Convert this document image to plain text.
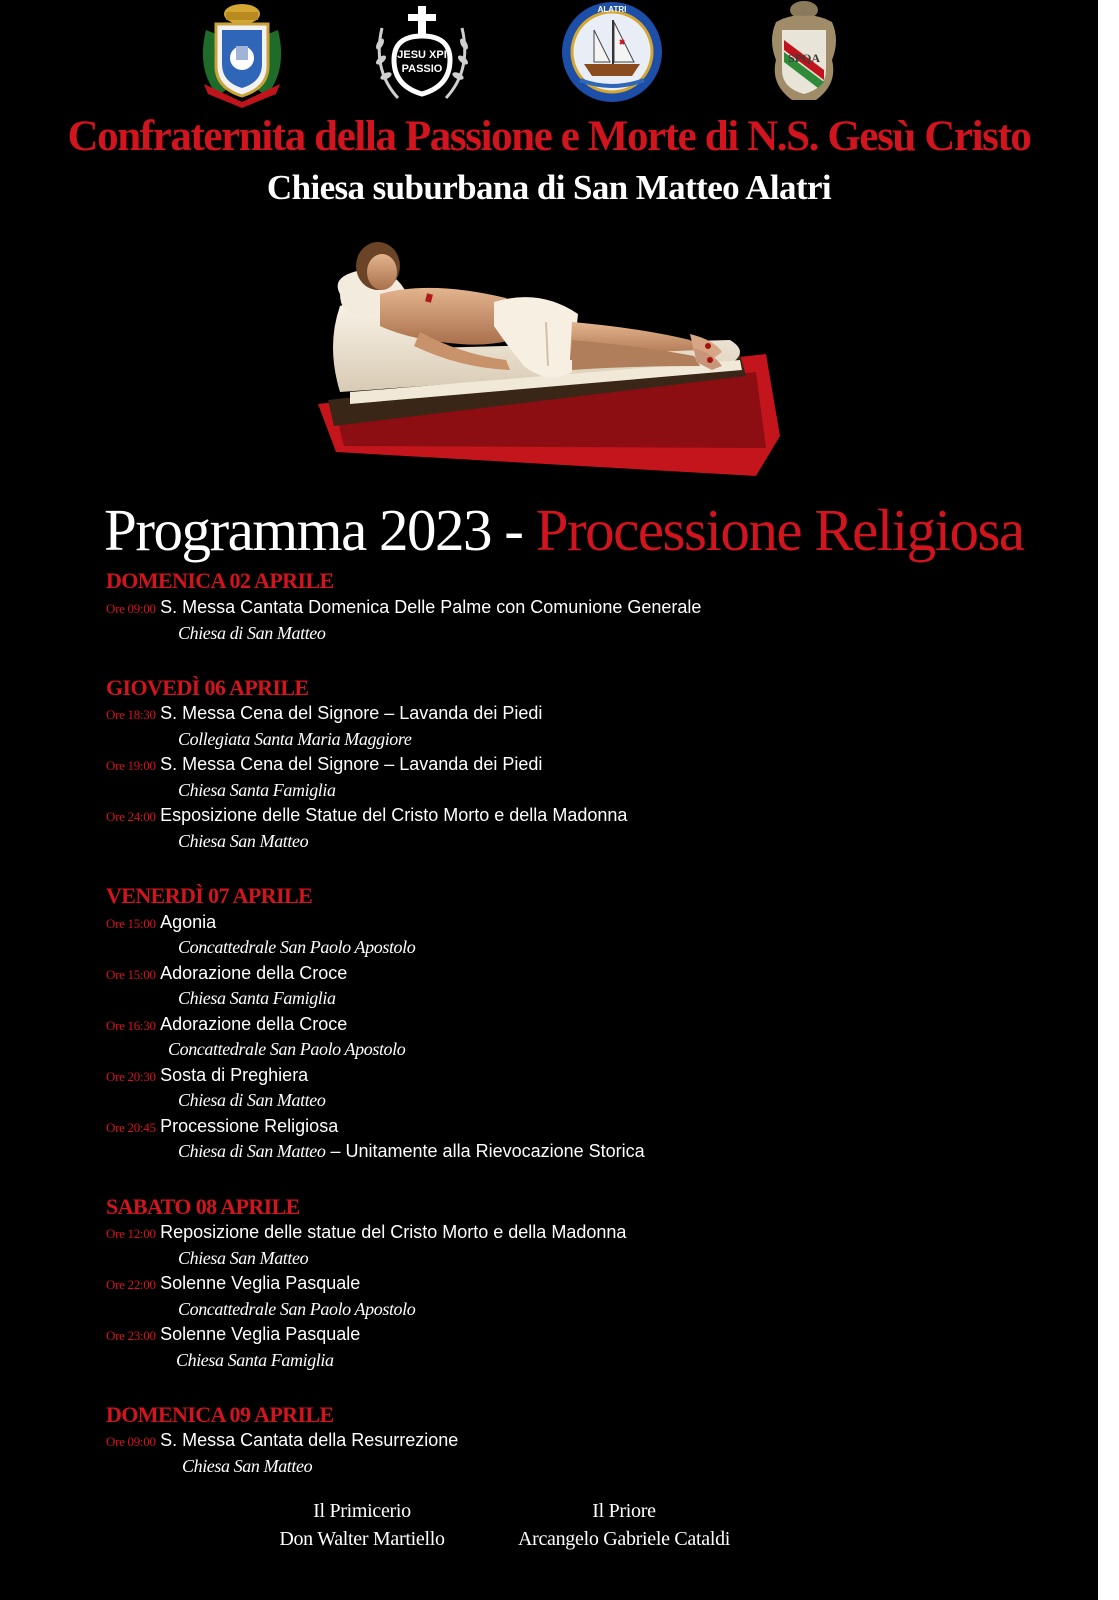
JESU XPI
PASSIO
ALATRI
SPQA
Confraternita della Passione e Morte di N.S. Gesù Cristo
Chiesa suburbana di San Matteo Alatri
Programma 2023 - Processione Religiosa
DOMENICA 02 APRILE
Ore 09:00 S. Messa Cantata Domenica Delle Palme con Comunione Generale
Chiesa di San Matteo
GIOVEDÌ 06 APRILE
Ore 18:30 S. Messa Cena del Signore – Lavanda dei Piedi
Collegiata Santa Maria Maggiore
Ore 19:00 S. Messa Cena del Signore – Lavanda dei Piedi
Chiesa Santa Famiglia
Ore 24:00 Esposizione delle Statue del Cristo Morto e della Madonna
Chiesa San Matteo
VENERDÌ 07 APRILE
Ore 15:00 Agonia
Concattedrale San Paolo Apostolo
Ore 15:00 Adorazione della Croce
Chiesa Santa Famiglia
Ore 16:30 Adorazione della Croce
Concattedrale San Paolo Apostolo
Ore 20:30 Sosta di Preghiera
Chiesa di San Matteo
Ore 20:45 Processione Religiosa
Chiesa di San Matteo – Unitamente alla Rievocazione Storica
SABATO 08 APRILE
Ore 12:00 Reposizione delle statue del Cristo Morto e della Madonna
Chiesa San Matteo
Ore 22:00 Solenne Veglia Pasquale
Concattedrale San Paolo Apostolo
Ore 23:00 Solenne Veglia Pasquale
Chiesa Santa Famiglia
DOMENICA 09 APRILE
Ore 09:00 S. Messa Cantata della Resurrezione
Chiesa San Matteo
Il Primicerio
Don Walter Martiello
Il Priore
Arcangelo Gabriele Cataldi
